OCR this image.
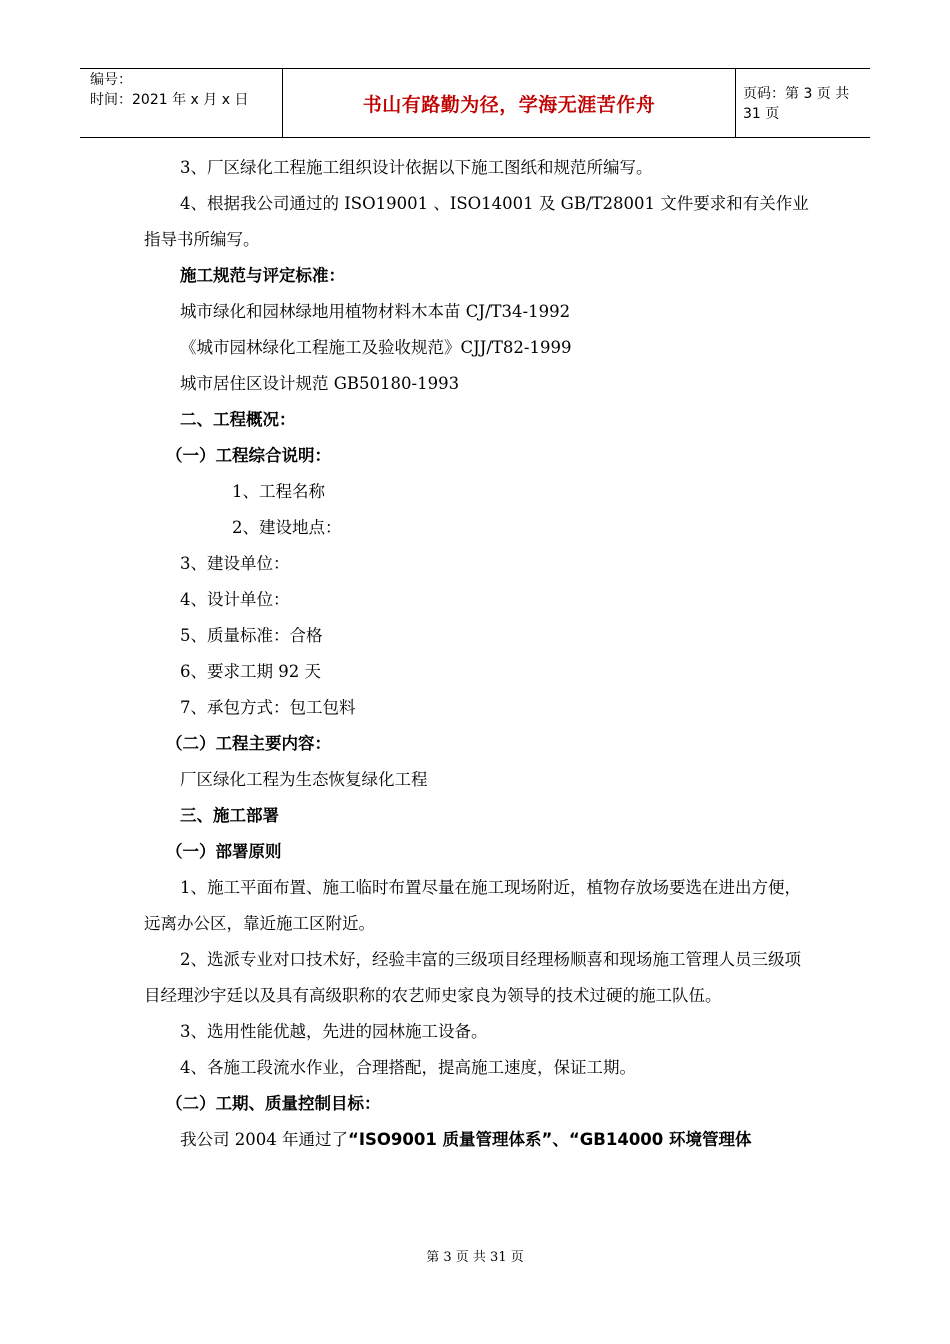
编号：
时间：2021 年 x 月 x 日	书山有路勤为径，学海无涯苦作舟	页码：第 3 页 共 31 页

3、厂区绿化工程施工组织设计依据以下施工图纸和规范所编写。

4、根据我公司通过的 ISO19001 、ISO14001 及 GB/T28001 文件要求和有关作业指导书所编写。

施工规范与评定标准：

城市绿化和园林绿地用植物材料木本苗 CJ/T34-1992

《城市园林绿化工程施工及验收规范》CJJ/T82-1999

城市居住区设计规范 GB50180-1993

二、工程概况：

（一）工程综合说明：

1、工程名称

2、建设地点：

3、建设单位：

4、设计单位：

5、质量标准：合格

6、要求工期 92 天

7、承包方式：包工包料

（二）工程主要内容：

厂区绿化工程为生态恢复绿化工程

三、施工部署

（一）部署原则

1、施工平面布置、施工临时布置尽量在施工现场附近，植物存放场要选在进出方便，远离办公区，靠近施工区附近。

2、选派专业对口技术好，经验丰富的三级项目经理杨顺喜和现场施工管理人员三级项目经理沙宇廷以及具有高级职称的农艺师史家良为领导的技术过硬的施工队伍。

3、选用性能优越，先进的园林施工设备。

4、各施工段流水作业，合理搭配，提高施工速度，保证工期。

（二）工期、质量控制目标：

我公司 2004 年通过了“ISO9001 质量管理体系”、“GB14000 环境管理体

第 3 页 共 31 页
